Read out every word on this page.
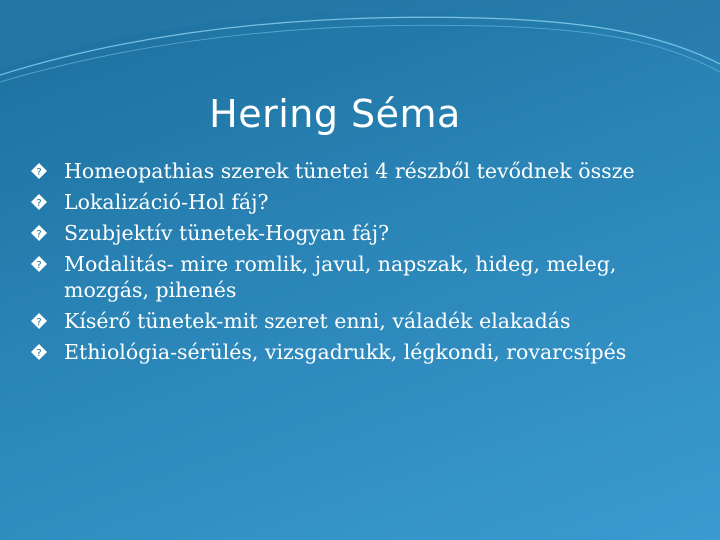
Hering Séma
? Homeopathias szerek tünetei 4 részből tevődnek össze
? Lokalizáció-Hol fáj?
? Szubjektív tünetek-Hogyan fáj?
? Modalitás- mire romlik, javul, napszak, hideg, meleg, mozgás, pihenés
? Kísérő tünetek-mit szeret enni, váladék elakadás
? Ethiológia-sérülés, vizsgadrukk, légkondi, rovarcsípés
